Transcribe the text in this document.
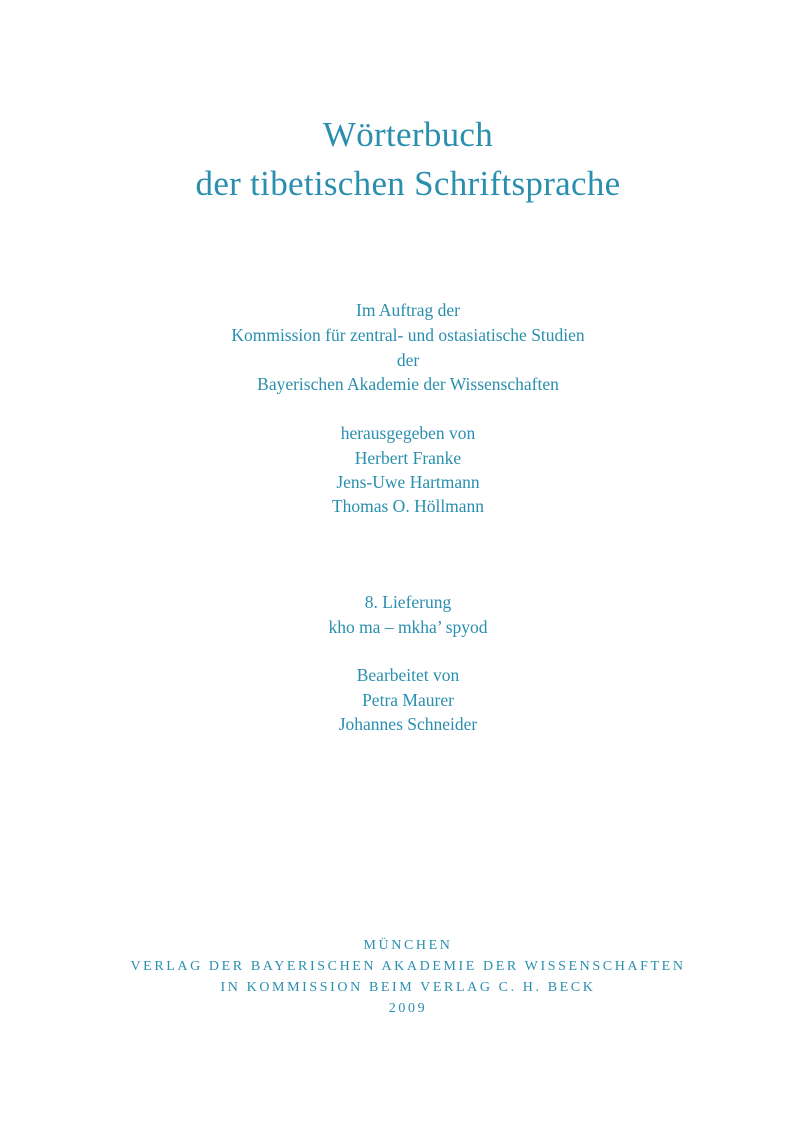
Wörterbuch
der tibetischen Schriftsprache
Im Auftrag der
Kommission für zentral- und ostasiatische Studien
der
Bayerischen Akademie der Wissenschaften
herausgegeben von
Herbert Franke
Jens-Uwe Hartmann
Thomas O. Höllmann
8. Lieferung
kho ma – mkha’ spyod
Bearbeitet von
Petra Maurer
Johannes Schneider
MÜNCHEN
VERLAG DER BAYERISCHEN AKADEMIE DER WISSENSCHAFTEN
IN KOMMISSION BEIM VERLAG C. H. BECK
2009
